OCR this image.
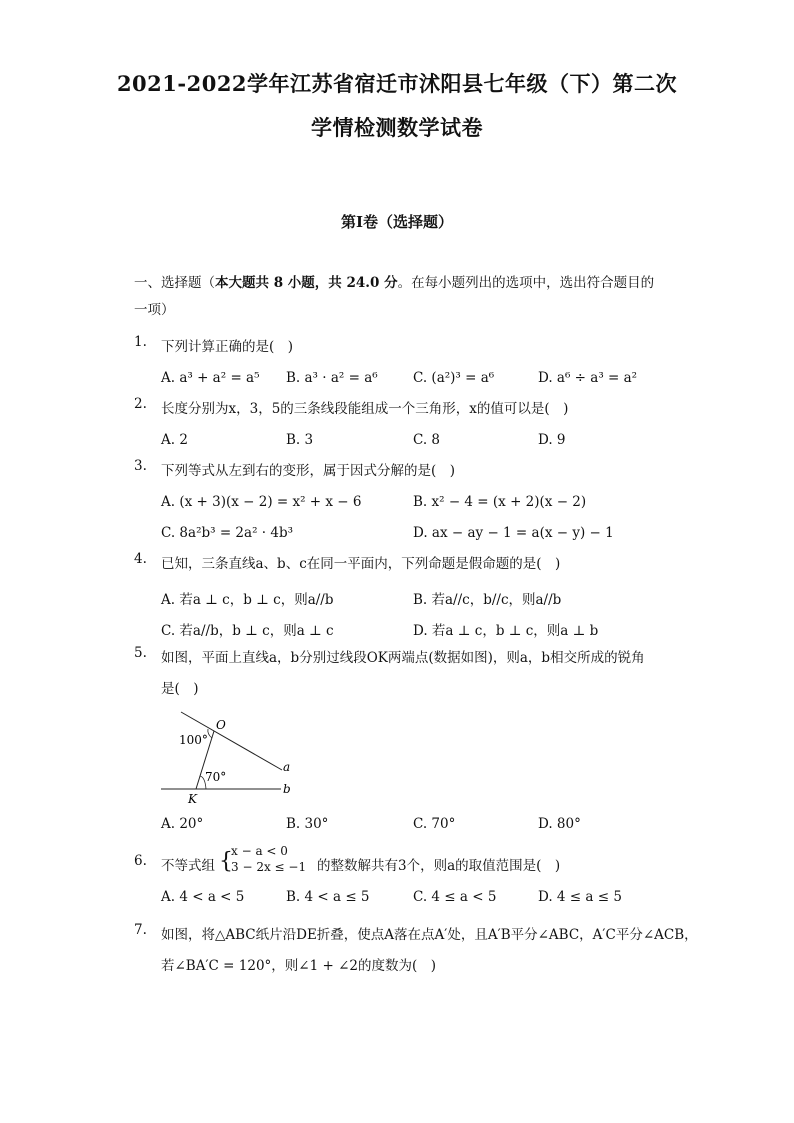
2021-2022学年江苏省宿迁市沭阳县七年级（下）第二次
学情检测数学试卷
第I卷（选择题）
一、选择题（本大题共 8 小题，共 24.0 分。在每小题列出的选项中，选出符合题目的
一项）
1. 下列计算正确的是(　)
A. a³ + a² = a⁵ B. a³ · a² = a⁶	C. (a²)³ = a⁶	D. a⁶ ÷ a³ = a²
2. 长度分别为x，3，5的三条线段能组成一个三角形，x的值可以是(　)
A. 2	B. 3	C. 8	D. 9
3. 下列等式从左到右的变形，属于因式分解的是(　)
A. (x + 3)(x − 2) = x² + x − 6	B. x² − 4 = (x + 2)(x − 2)
C. 8a²b³ = 2a² · 4b³	D. ax − ay − 1 = a(x − y) − 1
4. 已知，三条直线a、b、c在同一平面内，下列命题是假命题的是(　)
A. 若a ⊥ c，b ⊥ c，则a//b	B. 若a//c，b//c，则a//b
C. 若a//b，b ⊥ c，则a ⊥ c	D. 若a ⊥ c，b ⊥ c，则a ⊥ b
5. 如图，平面上直线a，b分别过线段OK两端点(数据如图)，则a，b相交所成的锐角
是(　)
O
K
a
b
100°
70°
A. 20°	B. 30°	C. 70°	D. 80°
6. 不等式组 {
x − a < 0
3 − 2x ≤ −1 的整数解共有3个，则a的取值范围是(　)
A. 4 < a < 5	B. 4 < a ≤ 5	C. 4 ≤ a < 5	D. 4 ≤ a ≤ 5
7. 如图，将△ABC纸片沿DE折叠，使点A落在点A′处，且A′B平分∠ABC，A′C平分∠ACB，
若∠BA′C = 120°，则∠1 + ∠2的度数为(　)
